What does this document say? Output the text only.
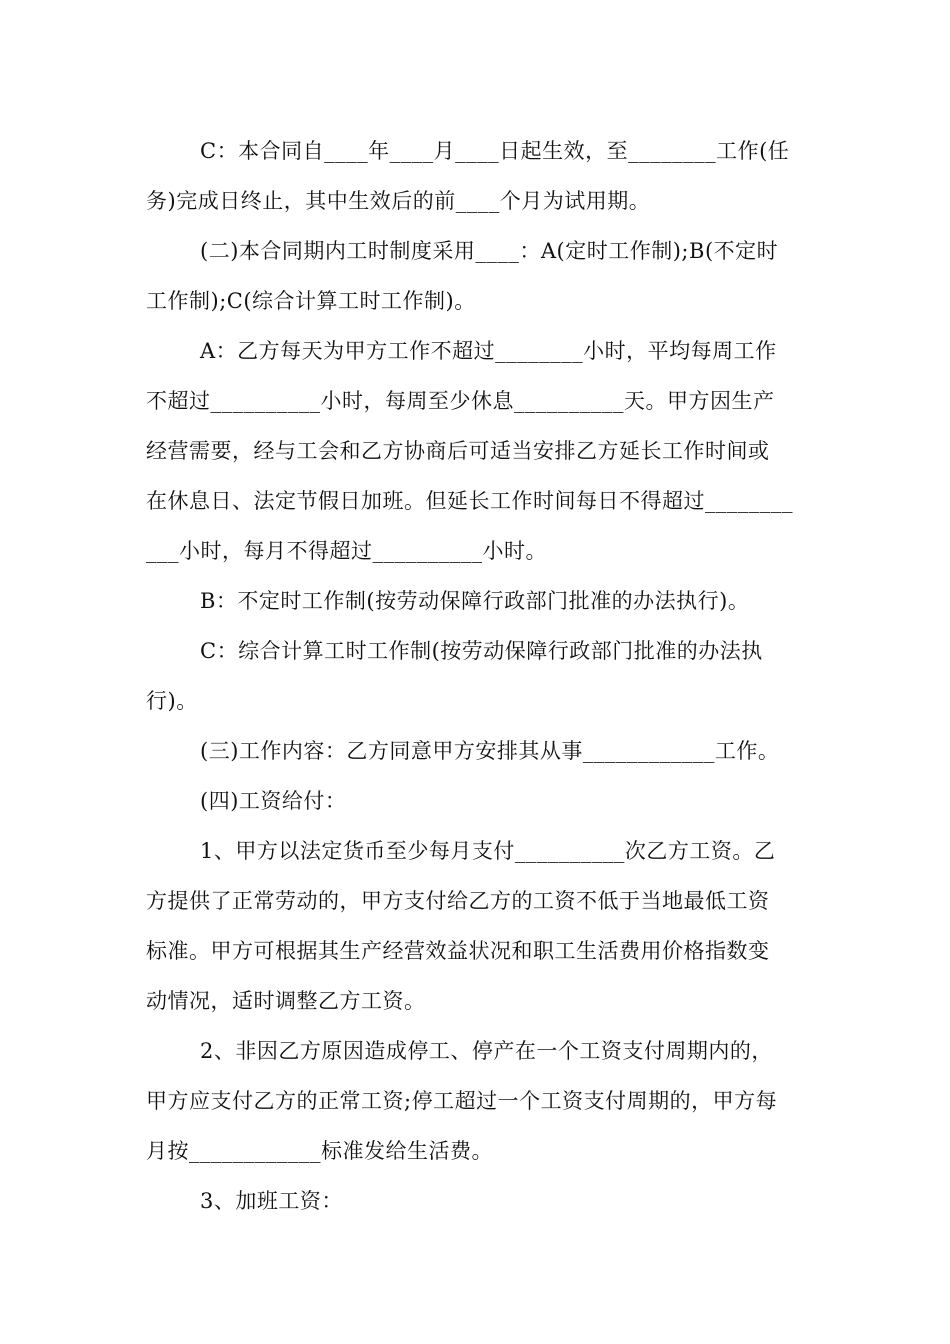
C：本合同自____年____月____日起生效，至________工作(任
务)完成日终止，其中生效后的前____个月为试用期。
(二)本合同期内工时制度采用____：A(定时工作制);B(不定时
工作制);C(综合计算工时工作制)。
A：乙方每天为甲方工作不超过________小时，平均每周工作
不超过__________小时，每周至少休息__________天。甲方因生产
经营需要，经与工会和乙方协商后可适当安排乙方延长工作时间或
在休息日、法定节假日加班。但延长工作时间每日不得超过________
___小时，每月不得超过__________小时。
B：不定时工作制(按劳动保障行政部门批准的办法执行)。
C：综合计算工时工作制(按劳动保障行政部门批准的办法执
行)。
(三)工作内容：乙方同意甲方安排其从事____________工作。
(四)工资给付：
1、甲方以法定货币至少每月支付__________次乙方工资。乙
方提供了正常劳动的，甲方支付给乙方的工资不低于当地最低工资
标准。甲方可根据其生产经营效益状况和职工生活费用价格指数变
动情况，适时调整乙方工资。
2、非因乙方原因造成停工、停产在一个工资支付周期内的，
甲方应支付乙方的正常工资;停工超过一个工资支付周期的，甲方每
月按____________标准发给生活费。
3、加班工资：
